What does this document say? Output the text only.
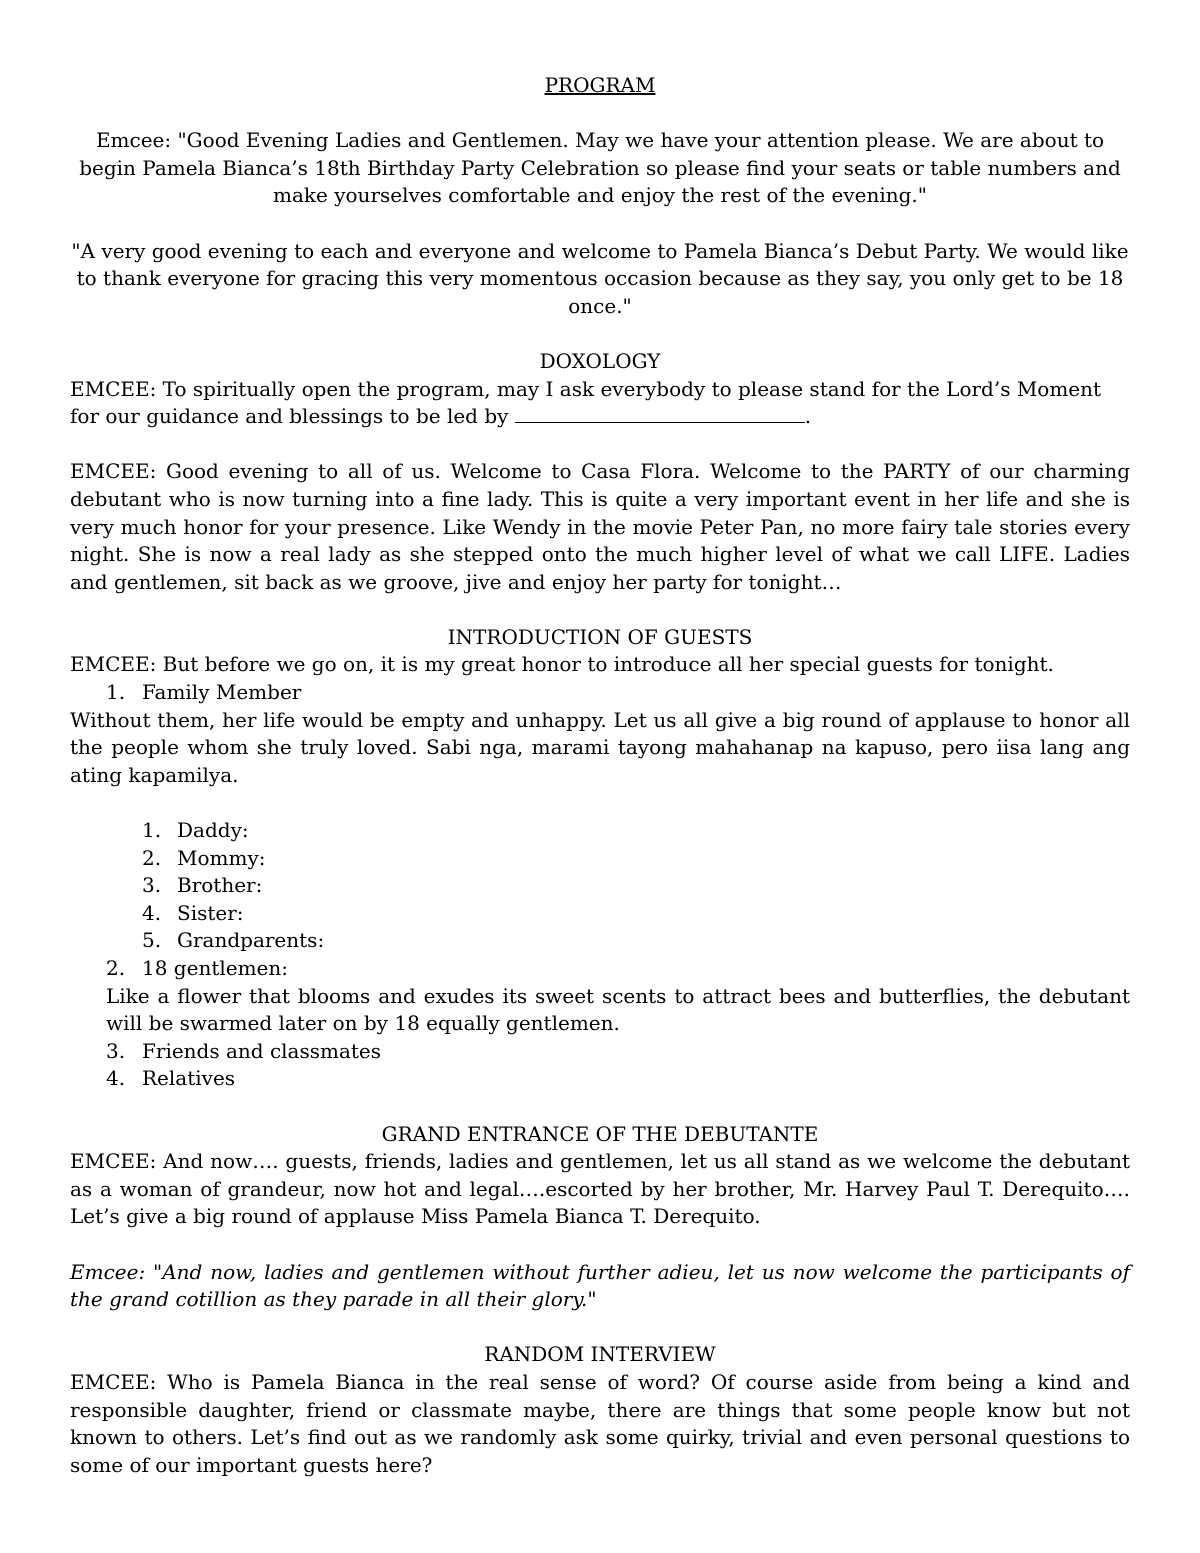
PROGRAM

Emcee: "Good Evening Ladies and Gentlemen. May we have your attention please. We are about to begin Pamela Bianca’s 18th Birthday Party Celebration so please find your seats or table numbers and make yourselves comfortable and enjoy the rest of the evening."

"A very good evening to each and everyone and welcome to Pamela Bianca’s Debut Party. We would like to thank everyone for gracing this very momentous occasion because as they say, you only get to be 18 once."

DOXOLOGY

EMCEE: To spiritually open the program, may I ask everybody to please stand for the Lord’s Moment for our guidance and blessings to be led by	.

EMCEE: Good evening to all of us. Welcome to Casa Flora. Welcome to the PARTY of our charming debutant who is now turning into a fine lady. This is quite a very important event in her life and she is very much honor for your presence. Like Wendy in the movie Peter Pan, no more fairy tale stories every night. She is now a real lady as she stepped onto the much higher level of what we call LIFE. Ladies and gentlemen, sit back as we groove, jive and enjoy her party for tonight…

INTRODUCTION OF GUESTS

EMCEE: But before we go on, it is my great honor to introduce all her special guests for tonight.

1. Family Member

Without them, her life would be empty and unhappy. Let us all give a big round of applause to honor all the people whom she truly loved. Sabi nga, marami tayong mahahanap na kapuso, pero iisa lang ang ating kapamilya.

1. Daddy:
2. Mommy:
3. Brother:
4. Sister:
5. Grandparents:
2. 18 gentlemen:

Like a flower that blooms and exudes its sweet scents to attract bees and butterflies, the debutant will be swarmed later on by 18 equally gentlemen.

3. Friends and classmates
4. Relatives

GRAND ENTRANCE OF THE DEBUTANTE

EMCEE: And now…. guests, friends, ladies and gentlemen, let us all stand as we welcome the debutant as a woman of grandeur, now hot and legal….escorted by her brother, Mr. Harvey Paul T. Derequito…. Let’s give a big round of applause Miss Pamela Bianca T. Derequito.

Emcee: "And now, ladies and gentlemen without further adieu, let us now welcome the participants of the grand cotillion as they parade in all their glory."

RANDOM INTERVIEW

EMCEE: Who is Pamela Bianca in the real sense of word? Of course aside from being a kind and responsible daughter, friend or classmate maybe, there are things that some people know but not known to others. Let’s find out as we randomly ask some quirky, trivial and even personal questions to some of our important guests here?
